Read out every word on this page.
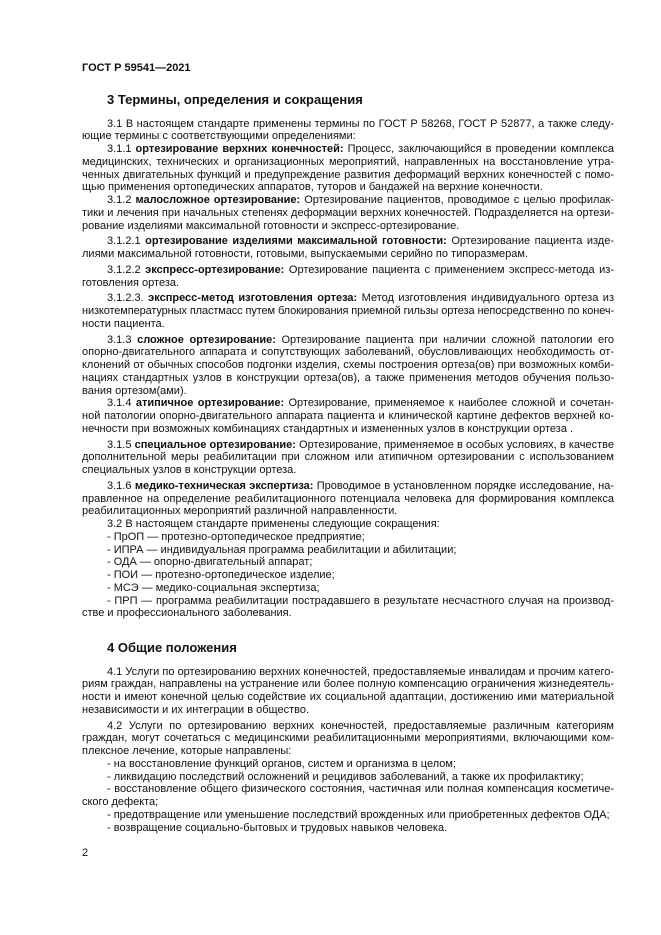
ГОСТ Р 59541—2021
3 Термины, определения и сокращения
3.1 В настоящем стандарте применены термины по ГОСТ Р 58268, ГОСТ Р 52877, а также следу-
ющие термины с соответствующими определениями:
3.1.1 ортезирование верхних конечностей: Процесс, заключающийся в проведении комплекса
медицинских, технических и организационных мероприятий, направленных на восстановление утра-
ченных двигательных функций и предупреждение развития деформаций верхних конечностей с помо-
щью применения ортопедических аппаратов, туторов и бандажей на верхние конечности.
3.1.2 малосложное ортезирование: Ортезирование пациентов, проводимое с целью профилак-
тики и лечения при начальных степенях деформации верхних конечностей. Подразделяется на ортези-
рование изделиями максимальной готовности и экспресс-ортезирование.
3.1.2.1 ортезирование изделиями максимальной готовности: Ортезирование пациента изде-
лиями максимальной готовности, готовыми, выпускаемыми серийно по типоразмерам.
3.1.2.2 экспресс-ортезирование: Ортезирование пациента с применением экспресс-метода из-
готовления ортеза.
3.1.2.3. экспресс-метод изготовления ортеза: Метод изготовления индивидуального ортеза из
низкотемпературных пластмасс путем блокирования приемной гильзы ортеза непосредственно по конеч-
ности пациента.
3.1.3 сложное ортезирование: Ортезирование пациента при наличии сложной патологии его
опорно-двигательного аппарата и сопутствующих заболеваний, обусловливающих необходимость от-
клонений от обычных способов подгонки изделия, схемы построения ортеза(ов) при возможных комби-
нациях стандартных узлов в конструкции ортеза(ов), а также применения методов обучения пользо-
вания ортезом(ами).
3.1.4 атипичное ортезирование: Ортезирование, применяемое к наиболее сложной и сочетан-
ной патологии опорно-двигательного аппарата пациента и клинической картине дефектов верхней ко-
нечности при возможных комбинациях стандартных и измененных узлов в конструкции ортеза .
3.1.5 специальное ортезирование: Ортезирование, применяемое в особых условиях, в качестве
дополнительной меры реабилитации при сложном или атипичном ортезировании с использованием
специальных узлов в конструкции ортеза.
3.1.6 медико-техническая экспертиза: Проводимое в установленном порядке исследование, на-
правленное на определение реабилитационного потенциала человека для формирования комплекса
реабилитационных мероприятий различной направленности.
3.2 В настоящем стандарте применены следующие сокращения:
- ПрОП — протезно-ортопедическое предприятие;
- ИПРА — индивидуальная программа реабилитации и абилитации;
- ОДА — опорно-двигательный аппарат;
- ПОИ — протезно-ортопедическое изделие;
- МСЭ — медико-социальная экспертиза;
- ПРП — программа реабилитации пострадавшего в результате несчастного случая на производ-
стве и профессионального заболевания.
4 Общие положения
4.1 Услуги по ортезированию верхних конечностей, предоставляемые инвалидам и прочим катего-
риям граждан, направлены на устранение или более полную компенсацию ограничения жизнедеятель-
ности и имеют конечной целью содействие их социальной адаптации, достижению ими материальной
независимости и их интеграции в общество.
4.2 Услуги по ортезированию верхних конечностей, предоставляемые различным категориям
граждан, могут сочетаться с медицинскими реабилитационными мероприятиями, включающими ком-
плексное лечение, которые направлены:
- на восстановление функций органов, систем и организма в целом;
- ликвидацию последствий осложнений и рецидивов заболеваний, а также их профилактику;
- восстановление общего физического состояния, частичная или полная компенсация косметиче-
ского дефекта;
- предотвращение или уменьшение последствий врожденных или приобретенных дефектов ОДА;
- возвращение социально-бытовых и трудовых навыков человека.
2
